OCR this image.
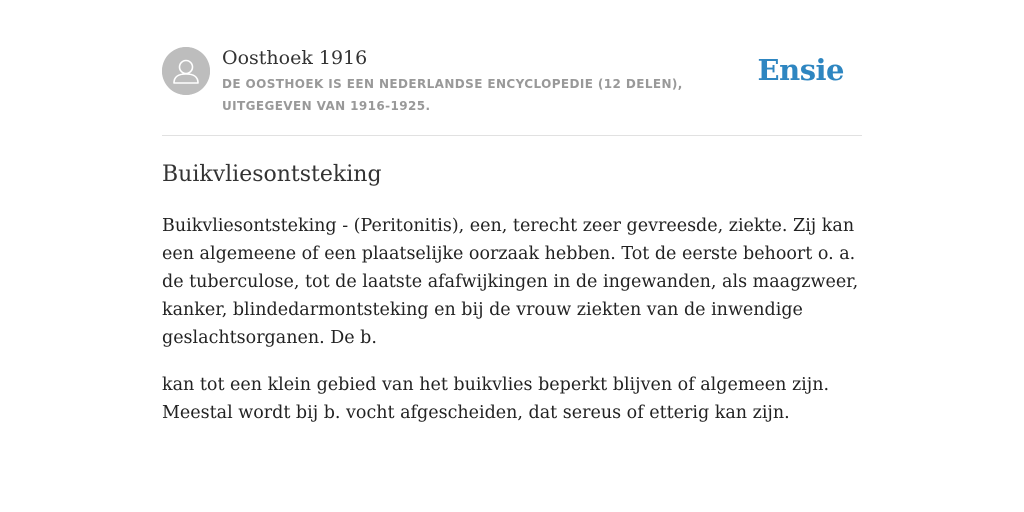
Oosthoek 1916
DE OOSTHOEK IS EEN NEDERLANDSE ENCYCLOPEDIE (12 DELEN), UITGEGEVEN VAN 1916-1925.
Ensie
Buikvliesontsteking

Buikvliesontsteking - (Peritonitis), een, terecht zeer gevreesde, ziekte. Zij kan een algemeene of een plaatselijke oorzaak hebben. Tot de eerste behoort o. a. de tuberculose, tot de laatste afafwijkingen in de ingewanden, als maagzweer, kanker, blindedarmontsteking en bij de vrouw ziekten van de inwendige geslachtsorganen. De b.

kan tot een klein gebied van het buikvlies beperkt blijven of algemeen zijn. Meestal wordt bij b. vocht afgescheiden, dat sereus of etterig kan zijn.
